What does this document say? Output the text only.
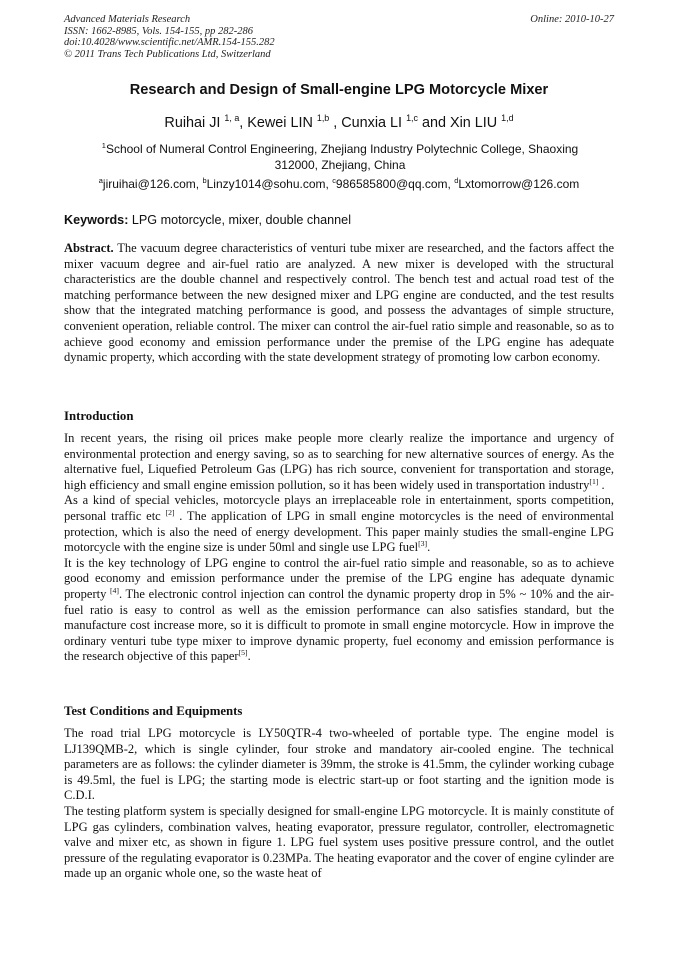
Advanced Materials Research
ISSN: 1662-8985, Vols. 154-155, pp 282-286
doi:10.4028/www.scientific.net/AMR.154-155.282
© 2011 Trans Tech Publications Ltd, Switzerland
Online: 2010-10-27
Research and Design of Small-engine LPG Motorcycle Mixer
Ruihai JI $^{1, a}$, Kewei LIN $^{1,b}$ , Cunxia LI $^{1,c}$ and Xin LIU $^{1,d}$
$^1$School of Numeral Control Engineering, Zhejiang Industry Polytechnic College, Shaoxing 312000, Zhejiang, China
$^a$jiruihai@126.com, $^b$Linzy1014@sohu.com, $^c$986585800@qq.com, $^d$Lxtomorrow@126.com
Keywords: LPG motorcycle, mixer, double channel

Abstract. The vacuum degree characteristics of venturi tube mixer are researched, and the factors affect the mixer vacuum degree and air-fuel ratio are analyzed. A new mixer is developed with the structural characteristics are the double channel and respectively control. The bench test and actual road test of the matching performance between the new designed mixer and LPG engine are conducted, and the test results show that the integrated matching performance is good, and possess the advantages of simple structure, convenient operation, reliable control. The mixer can control the air-fuel ratio simple and reasonable, so as to achieve good economy and emission performance under the premise of the LPG engine has adequate dynamic property, which according with the state development strategy of promoting low carbon economy.

Introduction

In recent years, the rising oil prices make people more clearly realize the importance and urgency of environmental protection and energy saving, so as to searching for new alternative sources of energy. As the alternative fuel, Liquefied Petroleum Gas (LPG) has rich source, convenient for transportation and storage, high efficiency and small engine emission pollution, so it has been widely used in transportation industry[1] .

As a kind of special vehicles, motorcycle plays an irreplaceable role in entertainment, sports competition, personal traffic etc [2] . The application of LPG in small engine motorcycles is the need of environmental protection, which is also the need of energy development. This paper mainly studies the small-engine LPG motorcycle with the engine size is under 50ml and single use LPG fuel[3].

It is the key technology of LPG engine to control the air-fuel ratio simple and reasonable, so as to achieve good economy and emission performance under the premise of the LPG engine has adequate dynamic property [4]. The electronic control injection can control the dynamic property drop in 5% ~ 10% and the air-fuel ratio is easy to control as well as the emission performance can also satisfies standard, but the manufacture cost increase more, so it is difficult to promote in small engine motorcycle. How in improve the ordinary venturi tube type mixer to improve dynamic property, fuel economy and emission performance is the research objective of this paper[5].

Test Conditions and Equipments

The road trial LPG motorcycle is LY50QTR-4 two-wheeled of portable type. The engine model is LJ139QMB-2, which is single cylinder, four stroke and mandatory air-cooled engine. The technical parameters are as follows: the cylinder diameter is 39mm, the stroke is 41.5mm, the cylinder working cubage is 49.5ml, the fuel is LPG; the starting mode is electric start-up or foot starting and the ignition mode is C.D.I.

The testing platform system is specially designed for small-engine LPG motorcycle. It is mainly constitute of LPG gas cylinders, combination valves, heating evaporator, pressure regulator, controller, electromagnetic valve and mixer etc, as shown in figure 1. LPG fuel system uses positive pressure control, and the outlet pressure of the regulating evaporator is 0.23MPa. The heating evaporator and the cover of engine cylinder are made up an organic whole one, so the waste heat of
